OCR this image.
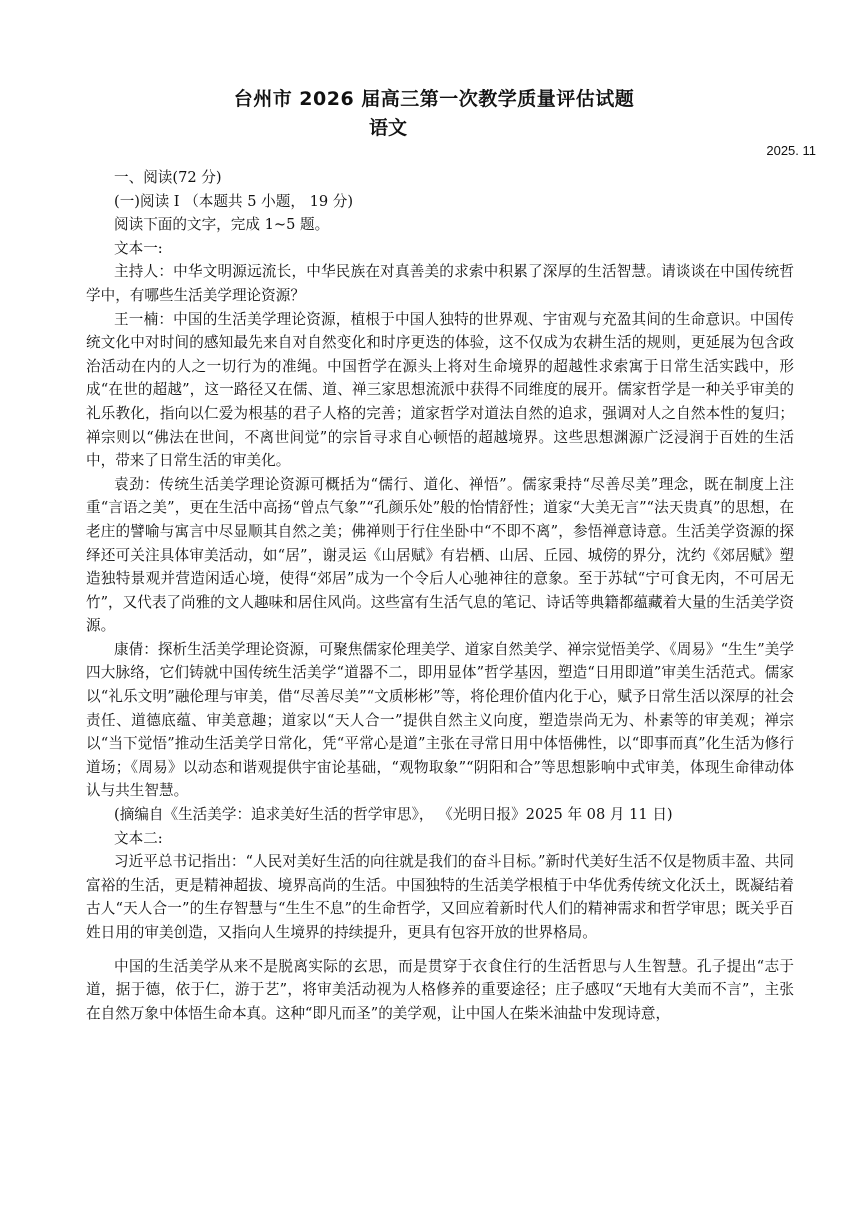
台州市 2026 届高三第一次教学质量评估试题
语文
2025. 11

一、阅读(72 分)

(一)阅读 I （本题共 5 小题， 19 分)

阅读下面的文字，完成 1~5 题。

文本一:

主持人：中华文明源远流长，中华民族在对真善美的求索中积累了深厚的生活智慧。请谈谈在中国传统哲学中，有哪些生活美学理论资源？

王一楠：中国的生活美学理论资源，植根于中国人独特的世界观、宇宙观与充盈其间的生命意识。中国传统文化中对时间的感知最先来自对自然变化和时序更迭的体验，这不仅成为农耕生活的规则，更延展为包含政治活动在内的人之一切行为的准绳。中国哲学在源头上将对生命境界的超越性求索寓于日常生活实践中，形成“在世的超越”，这一路径又在儒、道、禅三家思想流派中获得不同维度的展开。儒家哲学是一种关乎审美的礼乐教化，指向以仁爱为根基的君子人格的完善；道家哲学对道法自然的追求，强调对人之自然本性的复归；禅宗则以“佛法在世间，不离世间觉”的宗旨寻求自心顿悟的超越境界。这些思想渊源广泛浸润于百姓的生活中，带来了日常生活的审美化。

袁劲：传统生活美学理论资源可概括为“儒行、道化、禅悟”。儒家秉持“尽善尽美”理念，既在制度上注重“言语之美”，更在生活中高扬“曾点气象”“孔颜乐处”般的怡情舒性；道家“大美无言”“法天贵真”的思想，在老庄的譬喻与寓言中尽显顺其自然之美；佛禅则于行住坐卧中“不即不离”，参悟禅意诗意。生活美学资源的探绎还可关注具体审美活动，如“居”，谢灵运《山居赋》有岩栖、山居、丘园、城傍的界分，沈约《郊居赋》塑造独特景观并营造闲适心境，使得“郊居”成为一个令后人心驰神往的意象。至于苏轼“宁可食无肉，不可居无竹”，又代表了尚雅的文人趣味和居住风尚。这些富有生活气息的笔记、诗话等典籍都蕴藏着大量的生活美学资源。

康倩：探析生活美学理论资源，可聚焦儒家伦理美学、道家自然美学、禅宗觉悟美学、《周易》“生生”美学四大脉络，它们铸就中国传统生活美学“道器不二，即用显体”哲学基因，塑造“日用即道”审美生活范式。儒家以“礼乐文明”融伦理与审美，借“尽善尽美”“文质彬彬”等，将伦理价值内化于心，赋予日常生活以深厚的社会责任、道德底蕴、审美意趣；道家以“天人合一”提供自然主义向度，塑造崇尚无为、朴素等的审美观；禅宗以“当下觉悟”推动生活美学日常化，凭“平常心是道”主张在寻常日用中体悟佛性，以“即事而真”化生活为修行道场；《周易》以动态和谐观提供宇宙论基础，“观物取象”“阴阳和合”等思想影响中式审美，体现生命律动体认与共生智慧。

(摘编自《生活美学：追求美好生活的哲学审思》， 《光明日报》2025 年 08 月 11 日)

文本二:

习近平总书记指出：“人民对美好生活的向往就是我们的奋斗目标。”新时代美好生活不仅是物质丰盈、共同富裕的生活，更是精神超拔、境界高尚的生活。中国独特的生活美学根植于中华优秀传统文化沃土，既凝结着古人“天人合一”的生存智慧与“生生不息”的生命哲学，又回应着新时代人们的精神需求和哲学审思；既关乎百姓日用的审美创造，又指向人生境界的持续提升，更具有包容开放的世界格局。

中国的生活美学从来不是脱离实际的玄思，而是贯穿于衣食住行的生活哲思与人生智慧。孔子提出“志于道，据于德，依于仁，游于艺”，将审美活动视为人格修养的重要途径；庄子感叹“天地有大美而不言”，主张在自然万象中体悟生命本真。这种“即凡而圣”的美学观，让中国人在柴米油盐中发现诗意，
